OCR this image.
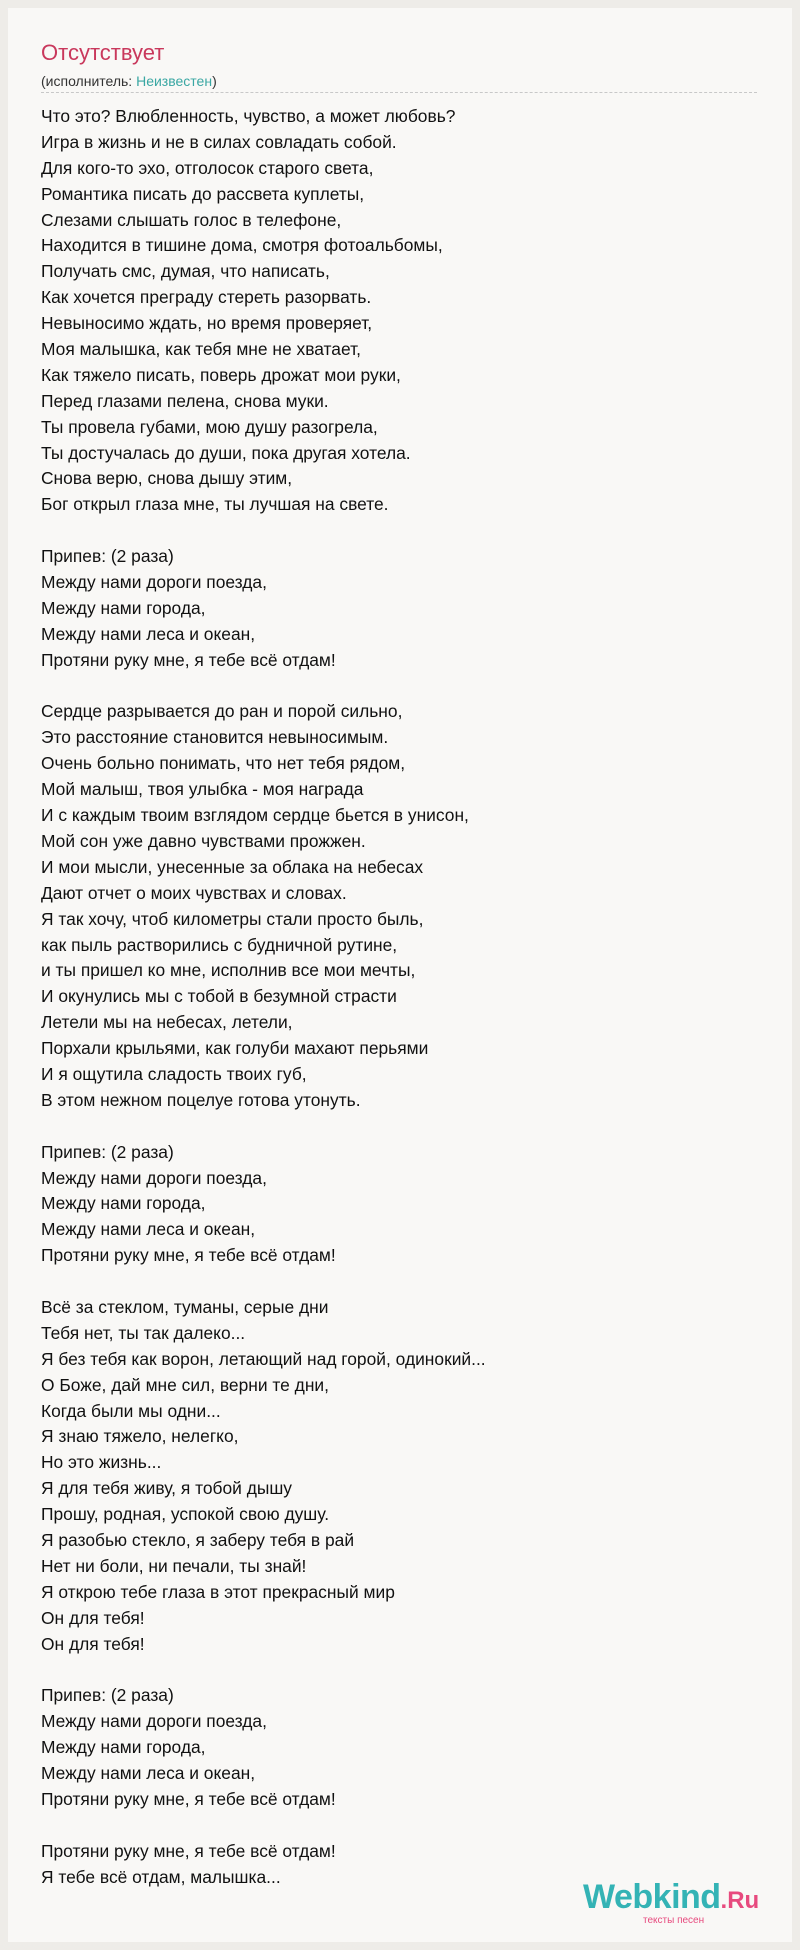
Отсутствует
(исполнитель: Неизвестен)
Что это? Влюбленность, чувство, а может любовь?
Игра в жизнь и не в силах совладать собой.
Для кого-то эхо, отголосок старого света,
Романтика писать до рассвета куплеты,
Слезами слышать голос в телефоне,
Находится в тишине дома, смотря фотоальбомы,
Получать смс, думая, что написать,
Как хочется преграду стереть разорвать.
Невыносимо ждать, но время проверяет,
Моя малышка, как тебя мне не хватает,
Как тяжело писать, поверь дрожат мои руки,
Перед глазами пелена, снова муки.
Ты провела губами, мою душу разогрела,
Ты достучалась до души, пока другая хотела.
Снова верю, снова дышу этим,
Бог открыл глаза мне, ты лучшая на свете.
Припев: (2 раза)
Между нами дороги поезда,
Между нами города,
Между нами леса и океан,
Протяни руку мне, я тебе всё отдам!
Сердце разрывается до ран и порой сильно,
Это расстояние становится невыносимым.
Очень больно понимать, что нет тебя рядом,
Мой малыш, твоя улыбка - моя награда
И с каждым твоим взглядом сердце бьется в унисон,
Мой сон уже давно чувствами прожжен.
И мои мысли, унесенные за облака на небесах
Дают отчет о моих чувствах и словах.
Я так хочу, чтоб километры стали просто быль,
как пыль растворились с будничной рутине,
и ты пришел ко мне, исполнив все мои мечты,
И окунулись мы с тобой в безумной страсти
Летели мы на небесах, летели,
Порхали крыльями, как голуби махают перьями
И я ощутила сладость твоих губ,
В этом нежном поцелуе готова утонуть.
Припев: (2 раза)
Между нами дороги поезда,
Между нами города,
Между нами леса и океан,
Протяни руку мне, я тебе всё отдам!
Всё за стеклом, туманы, серые дни
Тебя нет, ты так далеко...
Я без тебя как ворон, летающий над горой, одинокий...
О Боже, дай мне сил, верни те дни,
Когда были мы одни...
Я знаю тяжело, нелегко,
Но это жизнь...
Я для тебя живу, я тобой дышу
Прошу, родная, успокой свою душу.
Я разобью стекло, я заберу тебя в рай
Нет ни боли, ни печали, ты знай!
Я открою тебе глаза в этот прекрасный мир
Он для тебя!
Он для тебя!
Припев: (2 раза)
Между нами дороги поезда,
Между нами города,
Между нами леса и океан,
Протяни руку мне, я тебе всё отдам!
Протяни руку мне, я тебе всё отдам!
Я тебе всё отдам, малышка...
Webkind.Ru
тексты песен
